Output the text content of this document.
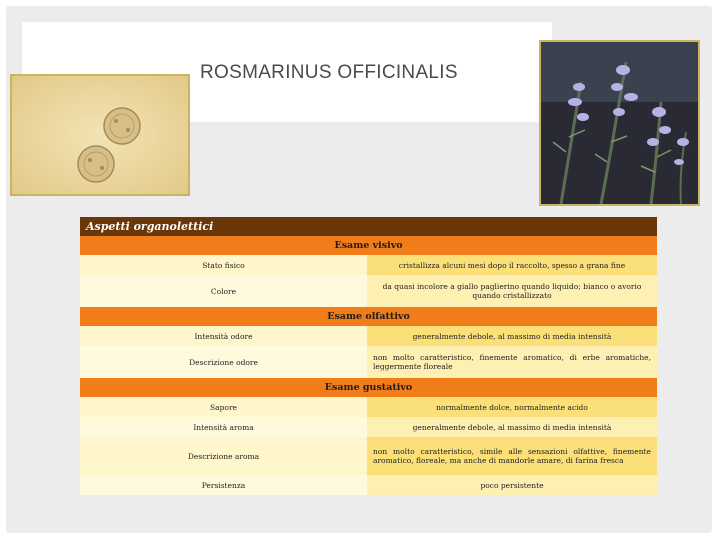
ROSMARINUS OFFICINALIS
Aspetti organolettici	
Esame visivo	
Stato fisico	cristallizza alcuni mesi dopo il raccolto, spesso a grana fine
Colore	da quasi incolore a giallo paglierino quando liquido; bianco o avorio quando cristallizzato
Esame olfattivo	
Intensità odore	generalmente debole, al massimo di media intensità
Descrizione odore	non molto caratteristico, finemente aromatico, di erbe aromatiche, leggermente floreale
Esame gustativo	
Sapore	normalmente dolce, normalmente acido
Intensità aroma	generalmente debole, al massimo di media intensità
Descrizione aroma	non molto caratteristico, simile alle sensazioni olfattive, finemente aromatico, floreale, ma anche di mandorle amare, di farina fresca
Persistenza	poco persistente
